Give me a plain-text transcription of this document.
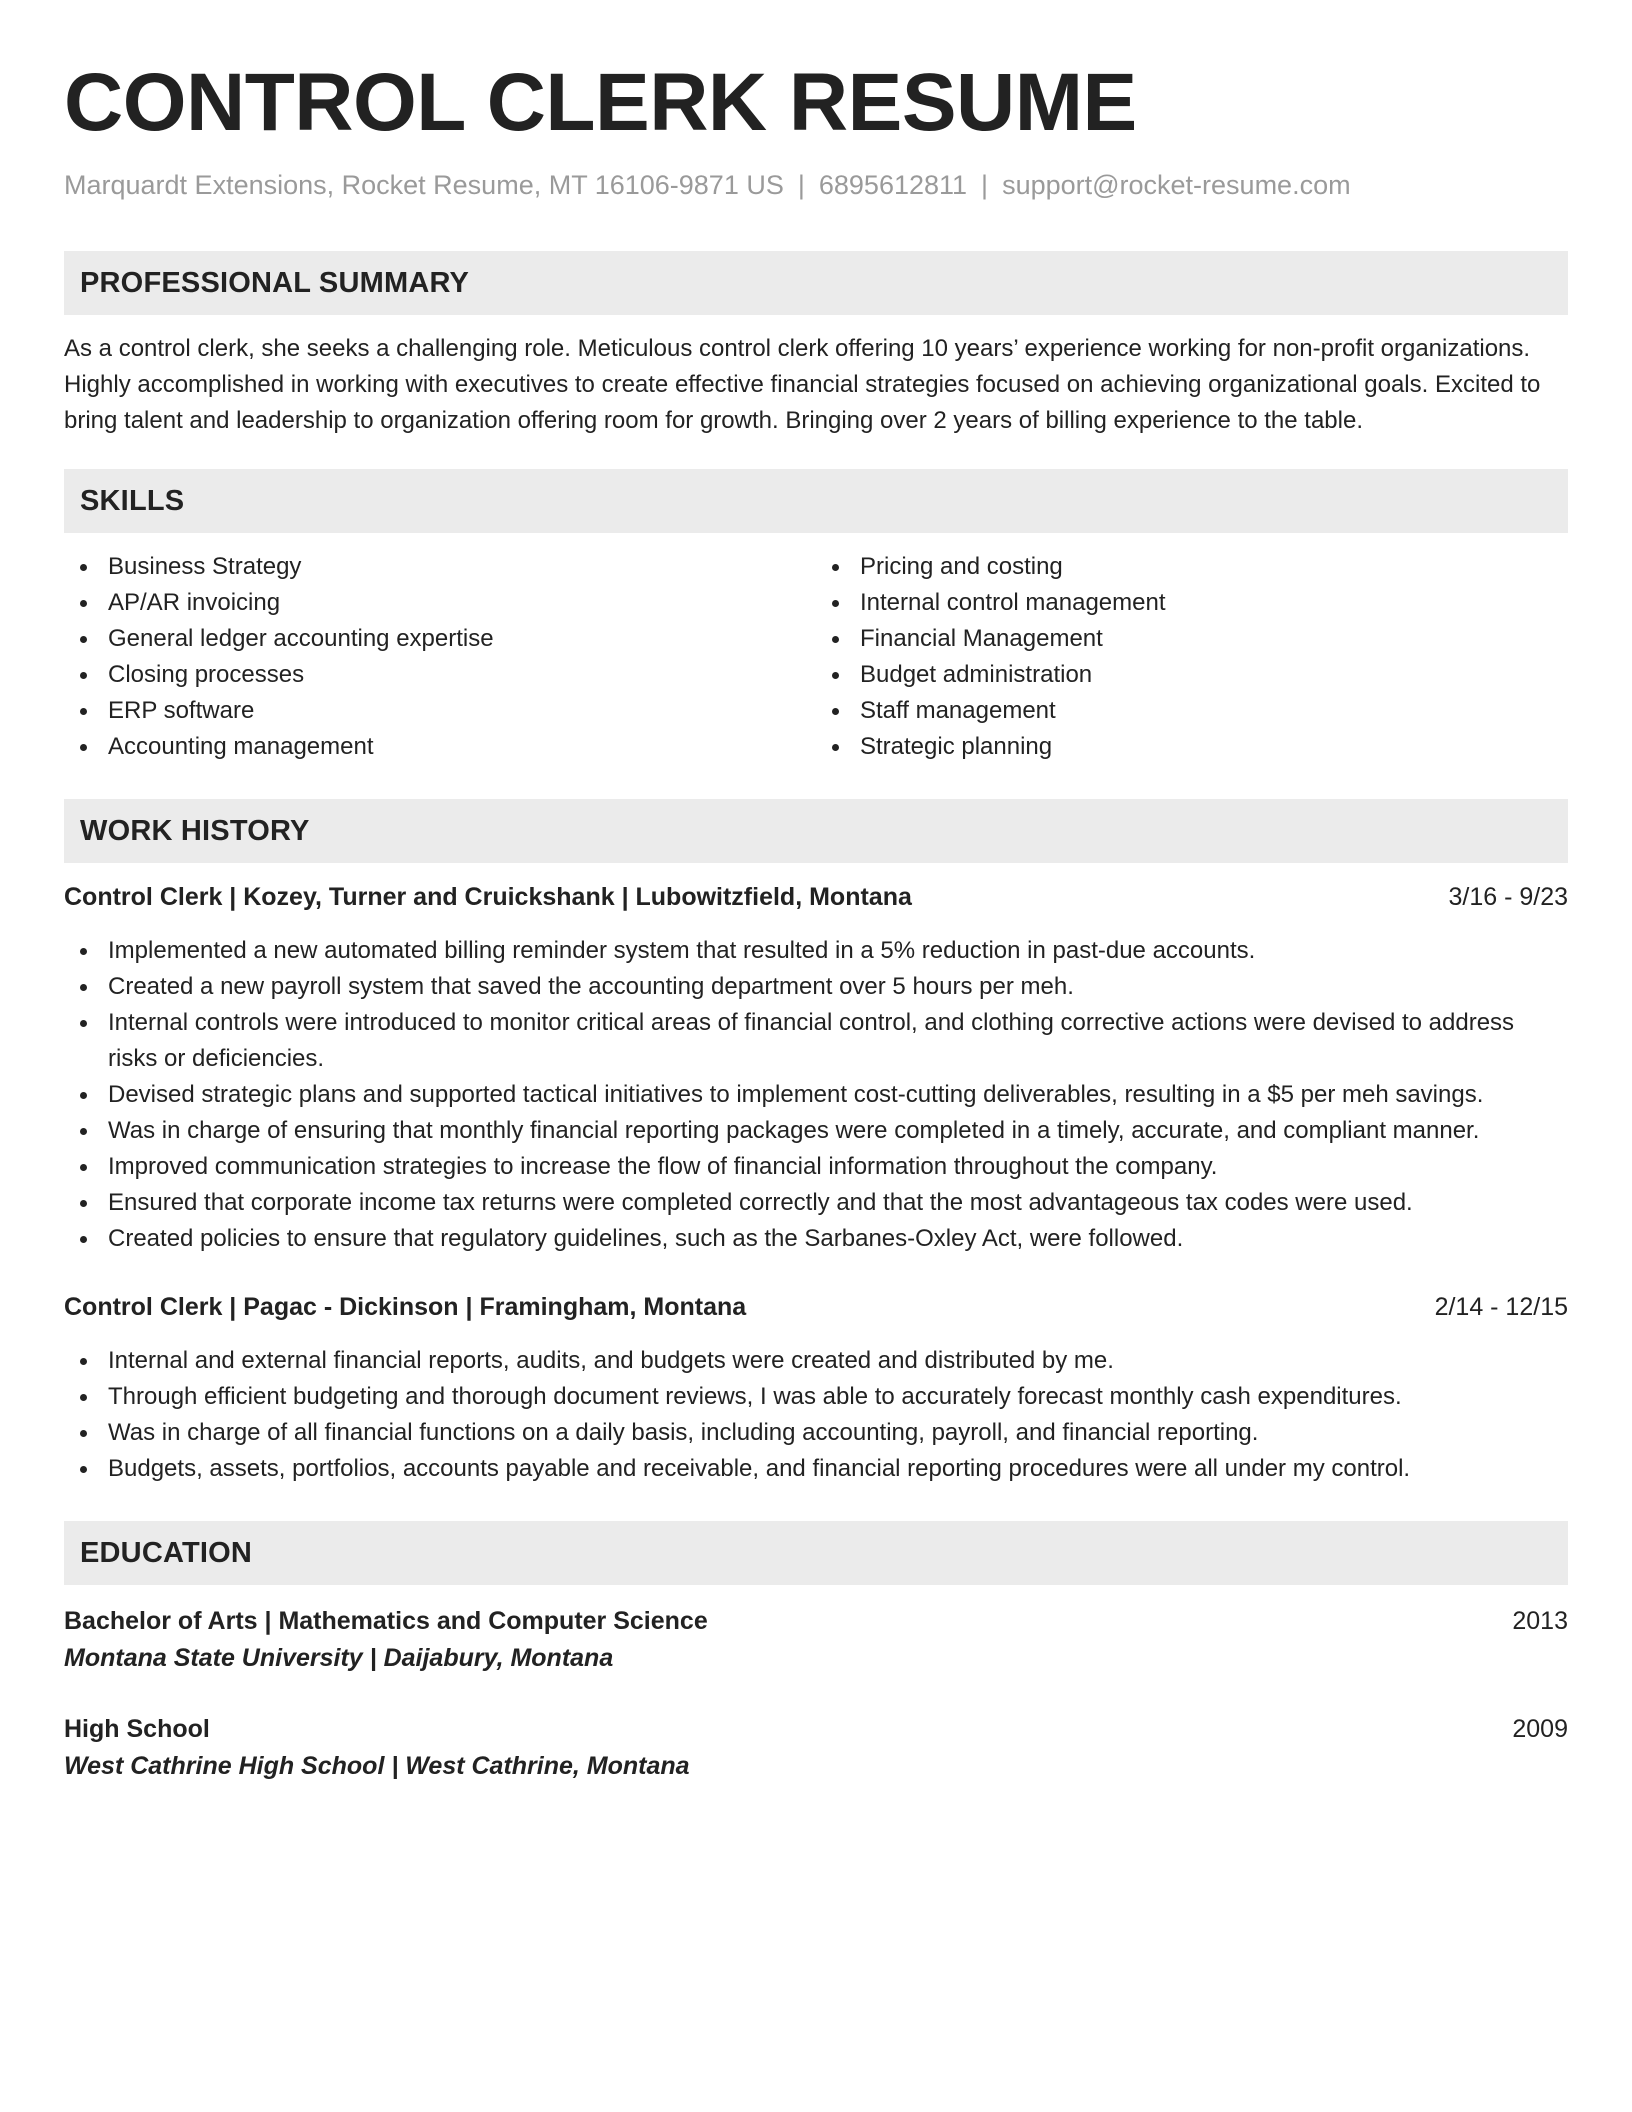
CONTROL CLERK RESUME
Marquardt Extensions, Rocket Resume, MT 16106-9871 US | 6895612811 | support@rocket-resume.com
PROFESSIONAL SUMMARY

As a control clerk, she seeks a challenging role. Meticulous control clerk offering 10 years’ experience working for non-profit organizations. Highly accomplished in working with executives to create effective financial strategies focused on achieving organizational goals. Excited to bring talent and leadership to organization offering room for growth. Bringing over 2 years of billing experience to the table.

SKILLS
Business Strategy
AP/AR invoicing
General ledger accounting expertise
Closing processes
ERP software
Accounting management
Pricing and costing
Internal control management
Financial Management
Budget administration
Staff management
Strategic planning
WORK HISTORY
Control Clerk | Kozey, Turner and Cruickshank | Lubowitzfield, Montana	3/16 - 9/23
Implemented a new automated billing reminder system that resulted in a 5% reduction in past-due accounts.
Created a new payroll system that saved the accounting department over 5 hours per meh.
Internal controls were introduced to monitor critical areas of financial control, and clothing corrective actions were devised to address risks or deficiencies.
Devised strategic plans and supported tactical initiatives to implement cost-cutting deliverables, resulting in a $5 per meh savings.
Was in charge of ensuring that monthly financial reporting packages were completed in a timely, accurate, and compliant manner.
Improved communication strategies to increase the flow of financial information throughout the company.
Ensured that corporate income tax returns were completed correctly and that the most advantageous tax codes were used.
Created policies to ensure that regulatory guidelines, such as the Sarbanes-Oxley Act, were followed.
Control Clerk | Pagac - Dickinson | Framingham, Montana	2/14 - 12/15
Internal and external financial reports, audits, and budgets were created and distributed by me.
Through efficient budgeting and thorough document reviews, I was able to accurately forecast monthly cash expenditures.
Was in charge of all financial functions on a daily basis, including accounting, payroll, and financial reporting.
Budgets, assets, portfolios, accounts payable and receivable, and financial reporting procedures were all under my control.
EDUCATION
Bachelor of Arts | Mathematics and Computer Science	2013
Montana State University | Daijabury, Montana
High School	2009
West Cathrine High School | West Cathrine, Montana
